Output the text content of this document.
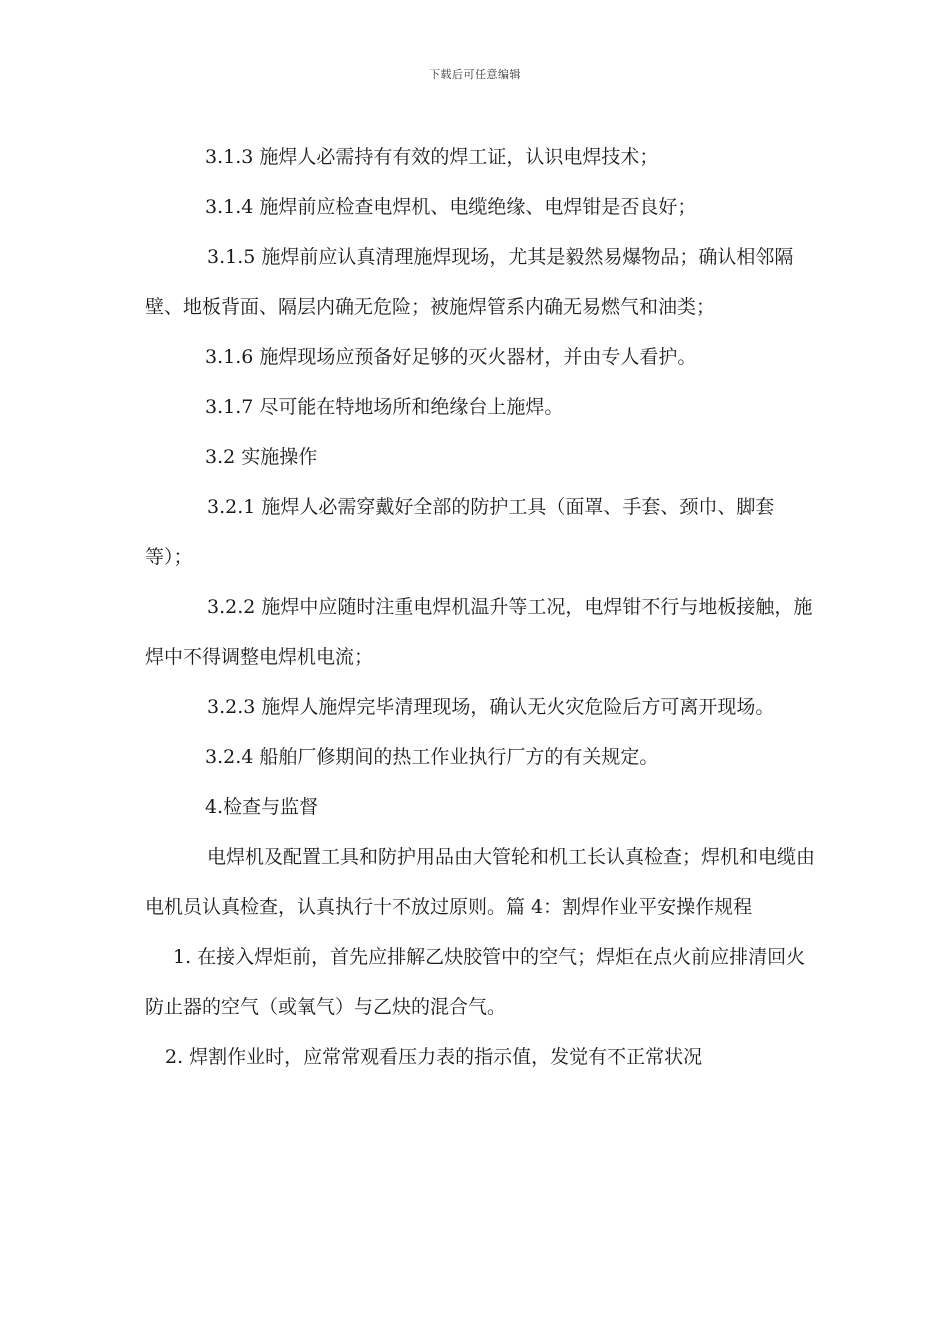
下载后可任意编辑

3.1.3 施焊人必需持有有效的焊工证，认识电焊技术；

3.1.4 施焊前应检查电焊机、电缆绝缘、电焊钳是否良好；

3.1.5 施焊前应认真清理施焊现场，尤其是毅然易爆物品；确认相邻隔壁、地板背面、隔层内确无危险；被施焊管系内确无易燃气和油类；

3.1.6 施焊现场应预备好足够的灭火器材，并由专人看护。

3.1.7 尽可能在特地场所和绝缘台上施焊。

3.2 实施操作

3.2.1 施焊人必需穿戴好全部的防护工具（面罩、手套、颈巾、脚套等）；

3.2.2 施焊中应随时注重电焊机温升等工况，电焊钳不行与地板接触，施焊中不得调整电焊机电流；

3.2.3 施焊人施焊完毕清理现场，确认无火灾危险后方可离开现场。

3.2.4 船舶厂修期间的热工作业执行厂方的有关规定。

4.检查与监督

电焊机及配置工具和防护用品由大管轮和机工长认真检查；焊机和电缆由电机员认真检查，认真执行十不放过原则。篇 4：割焊作业平安操作规程

1. 在接入焊炬前，首先应排解乙炔胶管中的空气；焊炬在点火前应排清回火防止器的空气（或氧气）与乙炔的混合气。

2. 焊割作业时，应常常观看压力表的指示值，发觉有不正常状况
